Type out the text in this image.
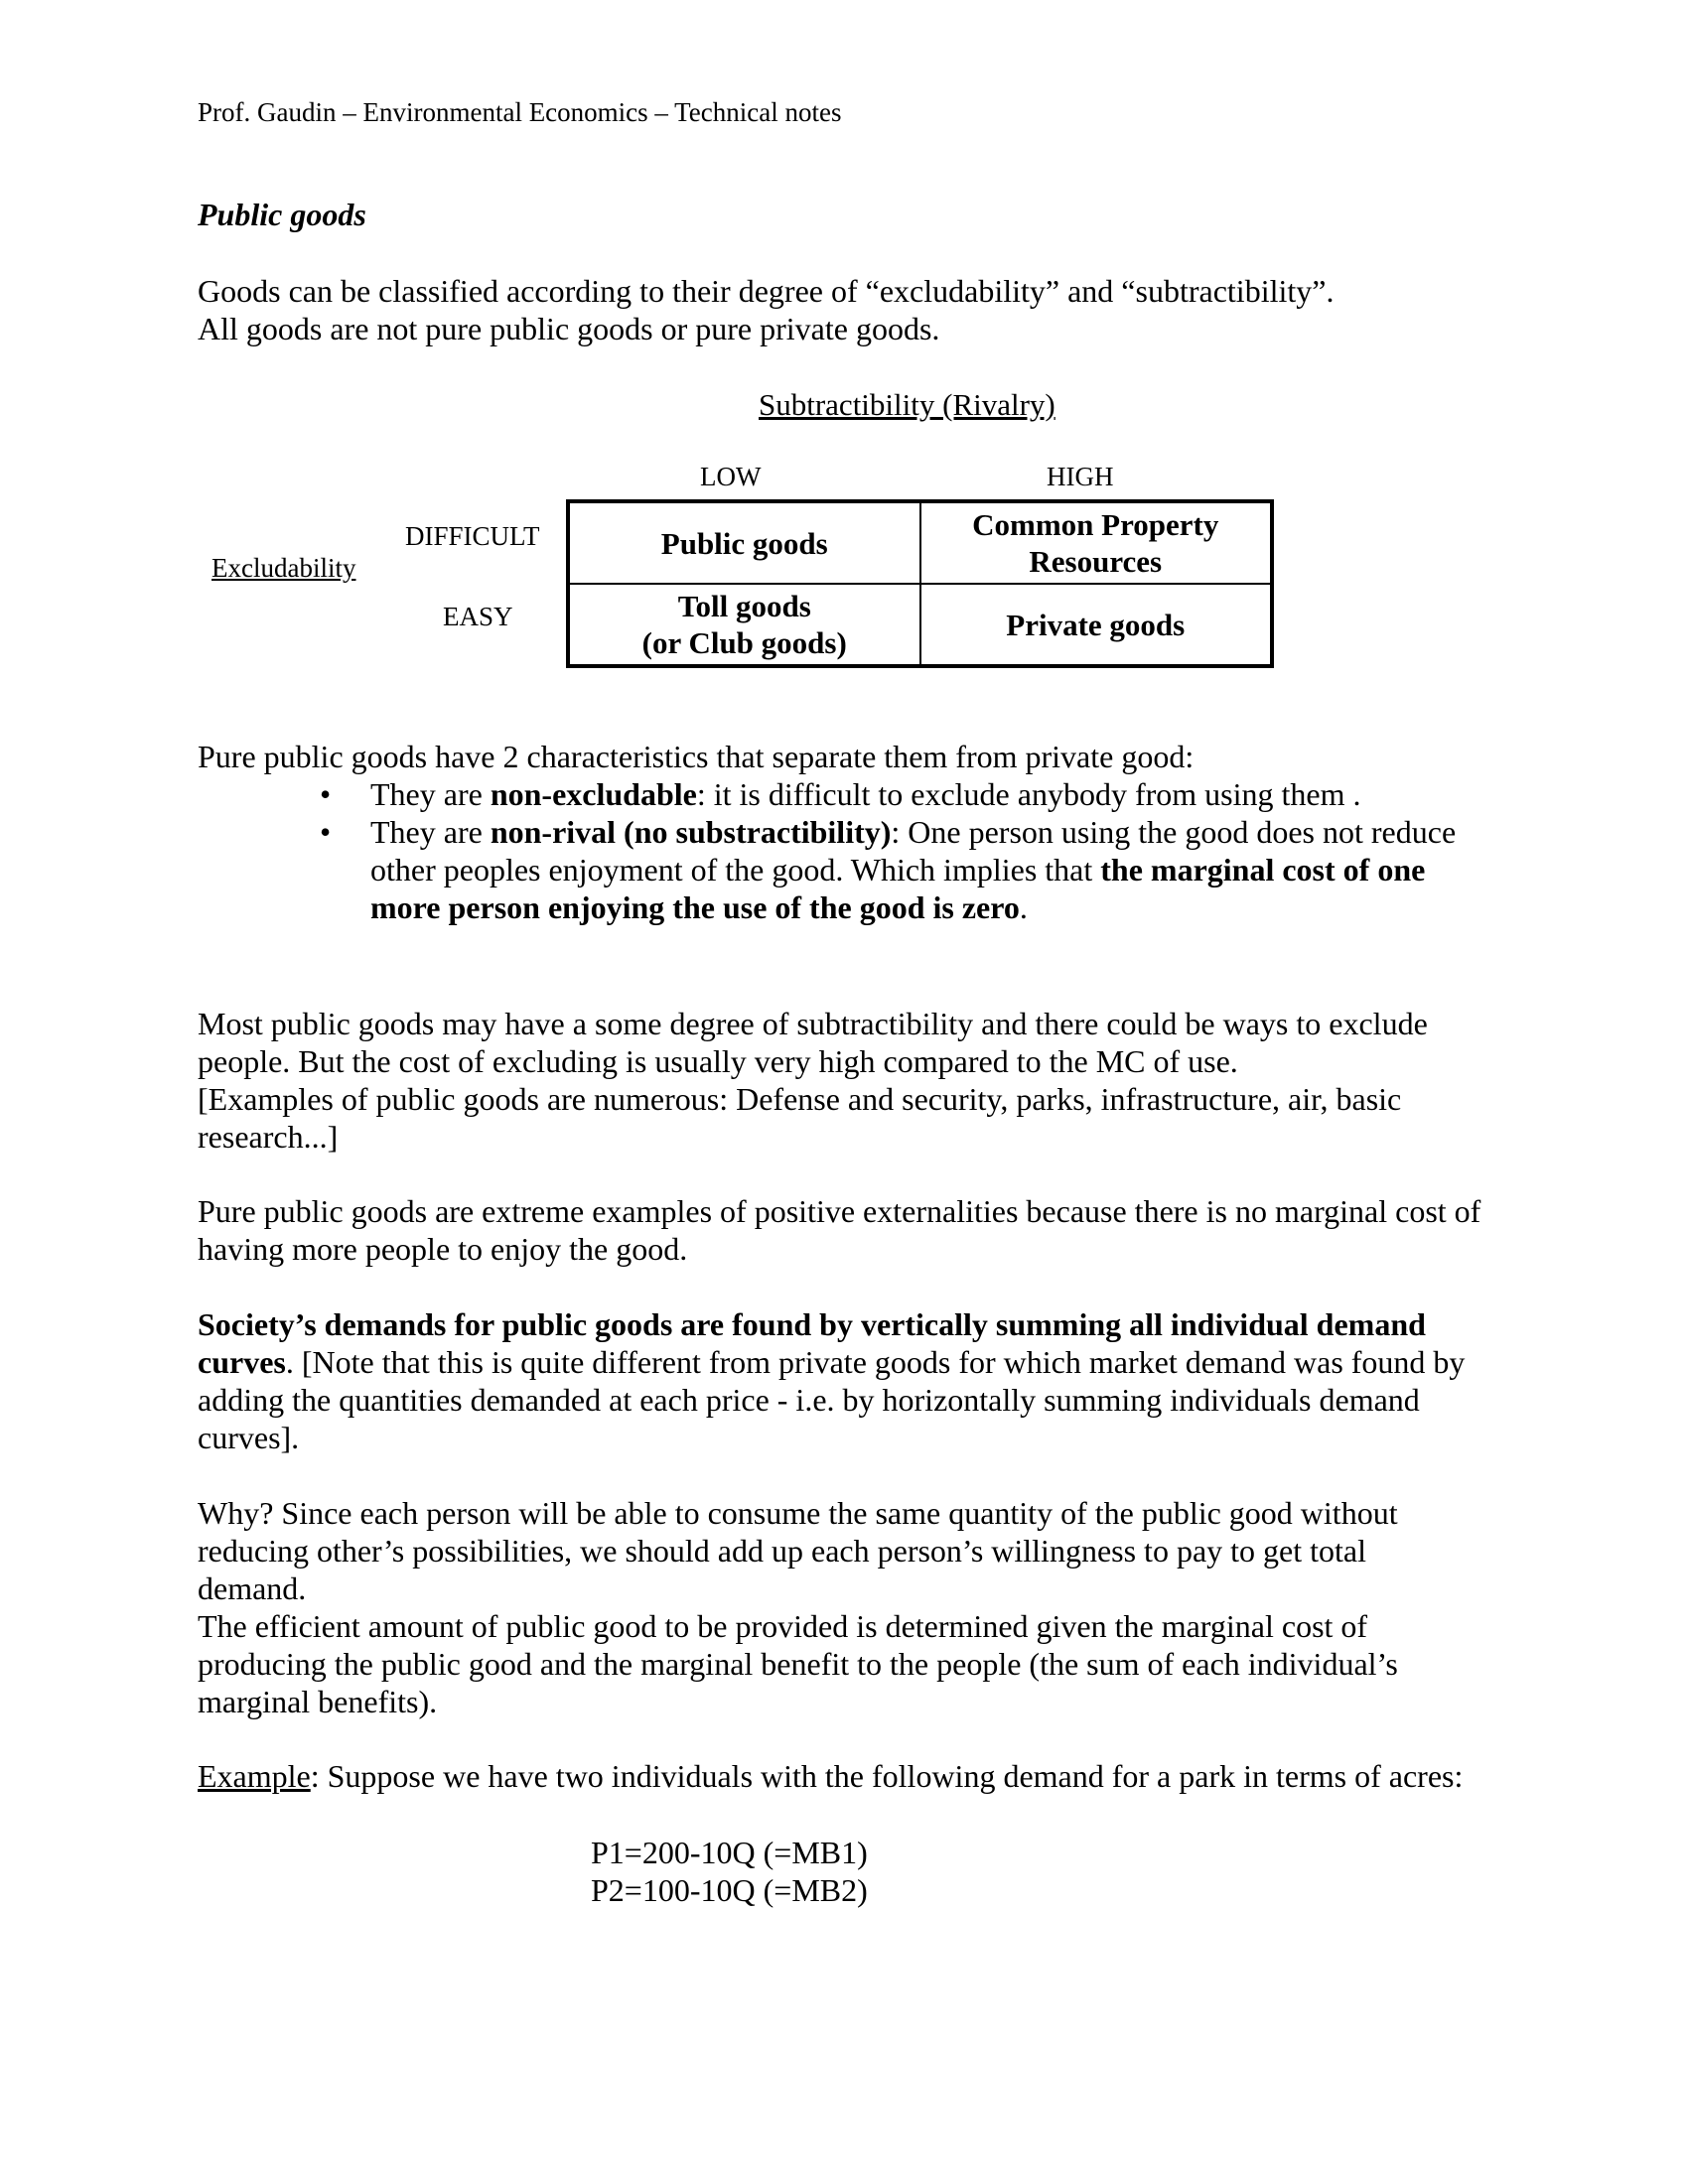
Prof. Gaudin – Environmental Economics – Technical notes
Public goods
Goods can be classified according to their degree of “excludability” and “subtractibility”.
All goods are not pure public goods or pure private goods.
Subtractibility (Rivalry)
LOW	HIGH
Excludability
DIFFICULT
EASY
Public goods	Common Property
Resources
Toll goods
(or Club goods)	Private goods
Pure public goods have 2 characteristics that separate them from private good:
• They are non-excludable: it is difficult to exclude anybody from using them .
• They are non-rival (no substractibility): One person using the good does not reduce
other peoples enjoyment of the good. Which implies that the marginal cost of one
more person enjoying the use of the good is zero.
Most public goods may have a some degree of subtractibility and there could be ways to exclude
people. But the cost of excluding is usually very high compared to the MC of use.
[Examples of public goods are numerous: Defense and security, parks, infrastructure, air, basic
research...]
Pure public goods are extreme examples of positive externalities because there is no marginal cost of
having more people to enjoy the good.
Society’s demands for public goods are found by vertically summing all individual demand
curves. [Note that this is quite different from private goods for which market demand was found by
adding the quantities demanded at each price - i.e. by horizontally summing individuals demand
curves].
Why? Since each person will be able to consume the same quantity of the public good without
reducing other’s possibilities, we should add up each person’s willingness to pay to get total
demand.
The efficient amount of public good to be provided is determined given the marginal cost of
producing the public good and the marginal benefit to the people (the sum of each individual’s
marginal benefits).
Example: Suppose we have two individuals with the following demand for a park in terms of acres:
P1=200-10Q (=MB1)
P2=100-10Q (=MB2)
